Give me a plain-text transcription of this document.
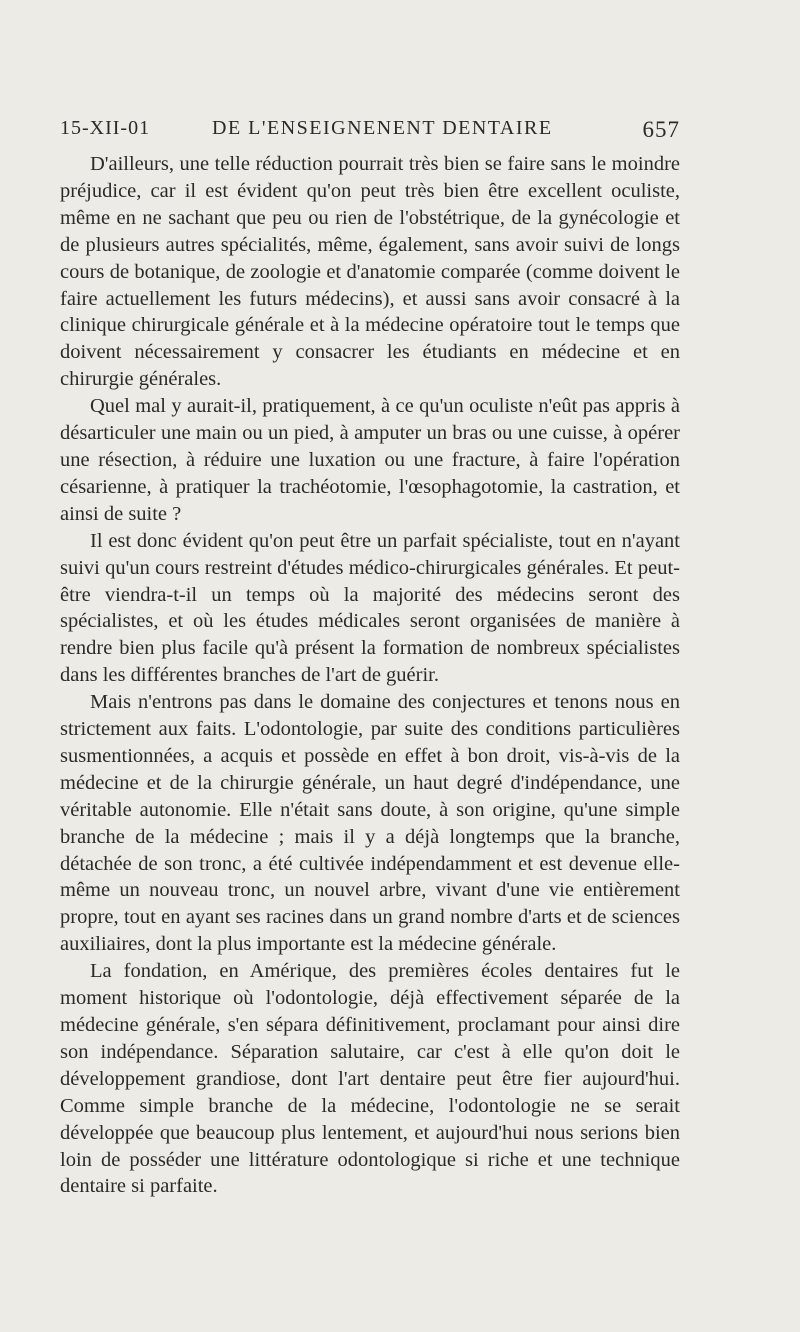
15-XII-01	DE L'ENSEIGNENENT DENTAIRE	657

D'ailleurs, une telle réduction pourrait très bien se faire sans le moindre préjudice, car il est évident qu'on peut très bien être excellent oculiste, même en ne sachant que peu ou rien de l'obstétrique, de la gynécologie et de plusieurs autres spécialités, même, également, sans avoir suivi de longs cours de botanique, de zoologie et d'anatomie comparée (comme doivent le faire actuellement les futurs médecins), et aussi sans avoir consacré à la clinique chirurgicale générale et à la médecine opératoire tout le temps que doivent nécessairement y consacrer les étudiants en médecine et en chirurgie générales.

Quel mal y aurait-il, pratiquement, à ce qu'un oculiste n'eût pas appris à désarticuler une main ou un pied, à amputer un bras ou une cuisse, à opérer une résection, à réduire une luxation ou une fracture, à faire l'opération césarienne, à pratiquer la trachéotomie, l'œsophagotomie, la castration, et ainsi de suite ?

Il est donc évident qu'on peut être un parfait spécialiste, tout en n'ayant suivi qu'un cours restreint d'études médico-chirurgicales générales. Et peut-être viendra-t-il un temps où la majorité des médecins seront des spécialistes, et où les études médicales seront organisées de manière à rendre bien plus facile qu'à présent la formation de nombreux spécialistes dans les différentes branches de l'art de guérir.

Mais n'entrons pas dans le domaine des conjectures et tenons nous en strictement aux faits. L'odontologie, par suite des conditions particulières susmentionnées, a acquis et possède en effet à bon droit, vis-à-vis de la médecine et de la chirurgie générale, un haut degré d'indépendance, une véritable autonomie. Elle n'était sans doute, à son origine, qu'une simple branche de la médecine ; mais il y a déjà longtemps que la branche, détachée de son tronc, a été cultivée indépendamment et est devenue elle-même un nouveau tronc, un nouvel arbre, vivant d'une vie entièrement propre, tout en ayant ses racines dans un grand nombre d'arts et de sciences auxiliaires, dont la plus importante est la médecine générale.

La fondation, en Amérique, des premières écoles dentaires fut le moment historique où l'odontologie, déjà effectivement séparée de la médecine générale, s'en sépara définitivement, proclamant pour ainsi dire son indépendance. Séparation salutaire, car c'est à elle qu'on doit le développement grandiose, dont l'art dentaire peut être fier aujourd'hui. Comme simple branche de la médecine, l'odontologie ne se serait développée que beaucoup plus lentement, et aujourd'hui nous serions bien loin de posséder une littérature odontologique si riche et une technique dentaire si parfaite.
